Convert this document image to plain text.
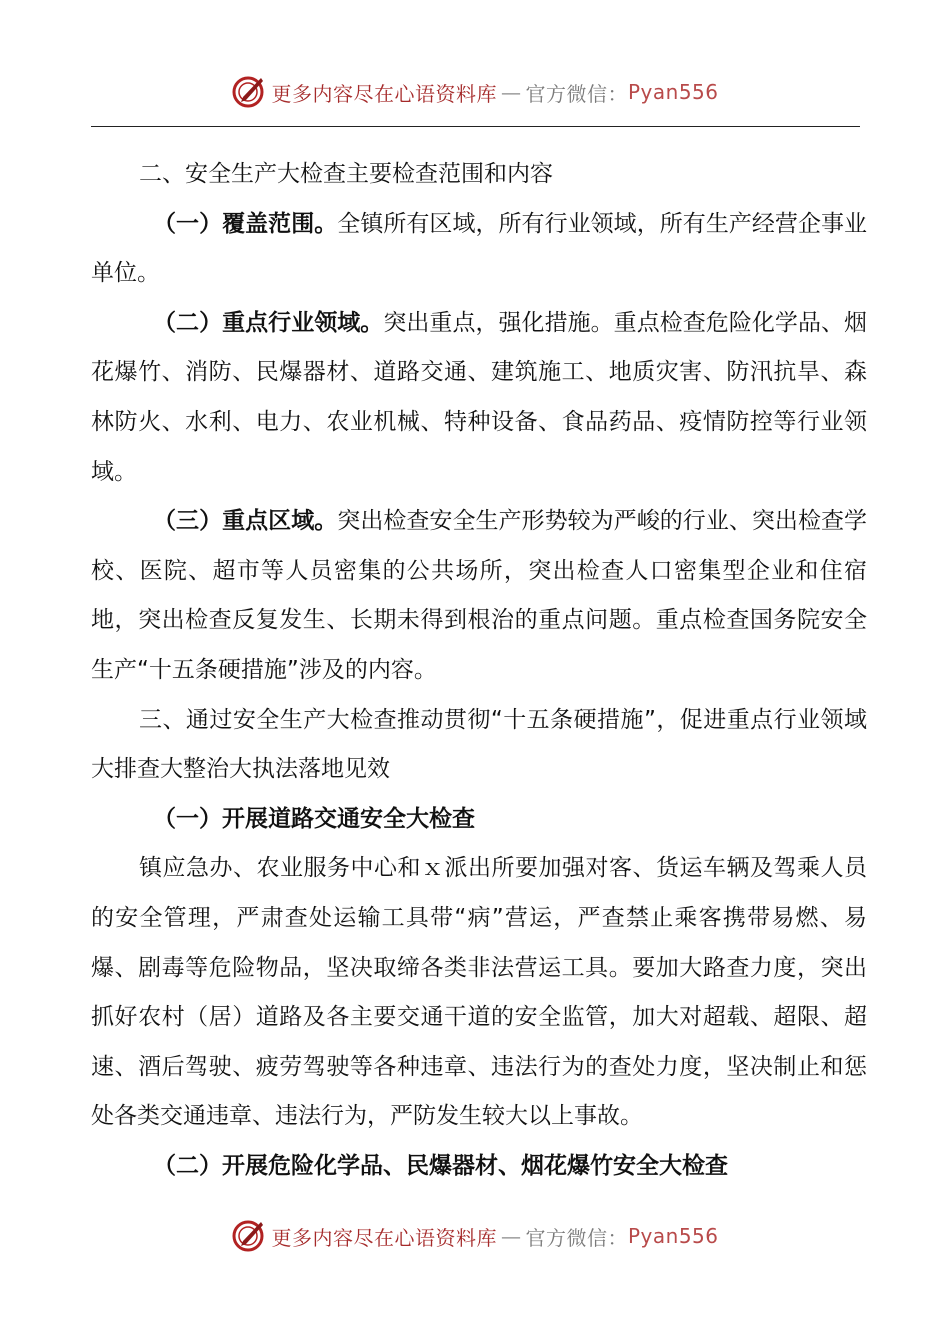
更多内容尽在心语资料库 — 官方微信： Pyan556

二、安全生产大检查主要检查范围和内容

（一）覆盖范围。全镇所有区域，所有行业领域，所有生产经营企事业单位。

（二）重点行业领域。突出重点，强化措施。重点检查危险化学品、烟花爆竹、消防、民爆器材、道路交通、建筑施工、地质灾害、防汛抗旱、森林防火、水利、电力、农业机械、特种设备、食品药品、疫情防控等行业领域。

（三）重点区域。突出检查安全生产形势较为严峻的行业、突出检查学校、医院、超市等人员密集的公共场所，突出检查人口密集型企业和住宿地，突出检查反复发生、长期未得到根治的重点问题。重点检查国务院安全生产“十五条硬措施”涉及的内容。

三、通过安全生产大检查推动贯彻“十五条硬措施”，促进重点行业领域大排查大整治大执法落地见效

（一）开展道路交通安全大检查

镇应急办、农业服务中心和ｘ派出所要加强对客、货运车辆及驾乘人员的安全管理，严肃查处运输工具带“病”营运，严查禁止乘客携带易燃、易爆、剧毒等危险物品，坚决取缔各类非法营运工具。要加大路查力度，突出抓好农村（居）道路及各主要交通干道的安全监管，加大对超载、超限、超速、酒后驾驶、疲劳驾驶等各种违章、违法行为的查处力度，坚决制止和惩处各类交通违章、违法行为，严防发生较大以上事故。

（二）开展危险化学品、民爆器材、烟花爆竹安全大检查

更多内容尽在心语资料库 — 官方微信： Pyan556
